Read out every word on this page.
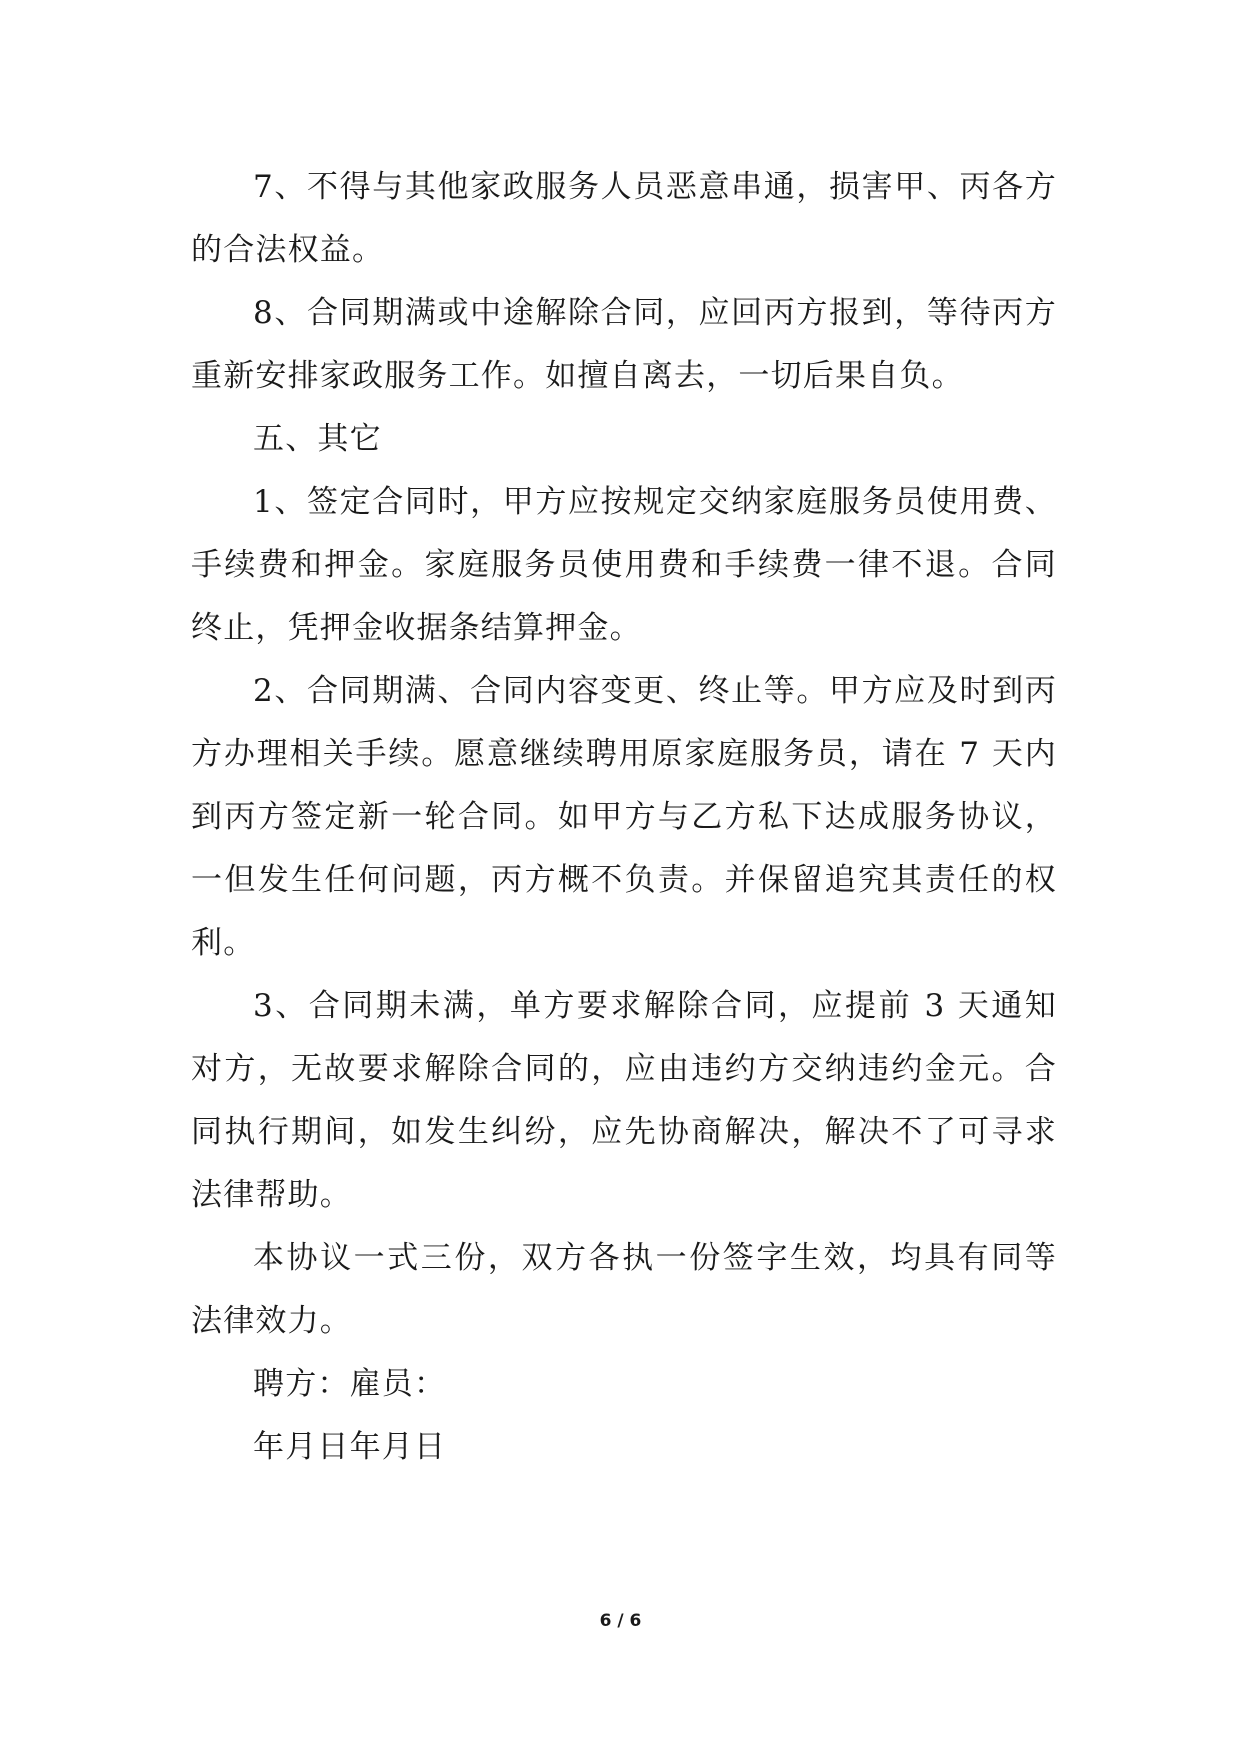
7、不得与其他家政服务人员恶意串通，损害甲、丙各方的合法权益。

8、合同期满或中途解除合同，应回丙方报到，等待丙方重新安排家政服务工作。如擅自离去，一切后果自负。

五、其它

1、签定合同时，甲方应按规定交纳家庭服务员使用费、手续费和押金。家庭服务员使用费和手续费一律不退。合同终止，凭押金收据条结算押金。

2、合同期满、合同内容变更、终止等。甲方应及时到丙方办理相关手续。愿意继续聘用原家庭服务员，请在 7 天内到丙方签定新一轮合同。如甲方与乙方私下达成服务协议，一但发生任何问题，丙方概不负责。并保留追究其责任的权利。

3、合同期未满，单方要求解除合同，应提前 3 天通知对方，无故要求解除合同的，应由违约方交纳违约金元。合同执行期间，如发生纠纷，应先协商解决，解决不了可寻求法律帮助。

本协议一式三份，双方各执一份签字生效，均具有同等法律效力。

聘方：雇员：

年月日年月日

6 / 6
